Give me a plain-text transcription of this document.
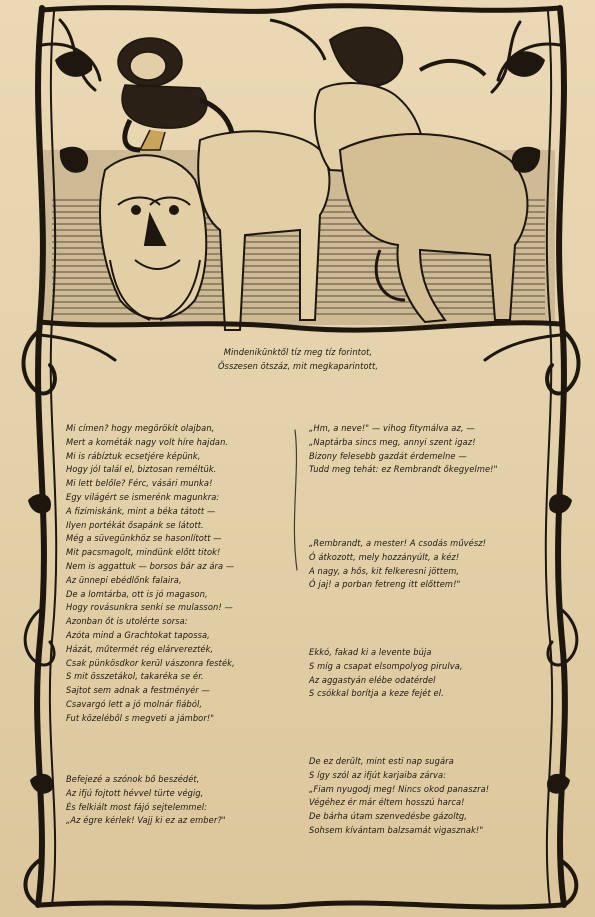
Mindenikünktől tíz meg tíz forintot,
Összesen ötszáz, mit megkaparintott,
Mi címen? hogy megörökít olajban,
Mert a kométák nagy volt híre hajdan.
Mi is rábíztuk ecsetjére képünk,
Hogy jól talál el, biztosan reméltük.
Mi lett belőle? Férc, vásári munka!
Egy világért se ismerénk magunkra:
A fizimiskánk, mint a béka tátott —
Ilyen portékát ősapánk se látott.
Még a süvegünkhöz se hasonlított —
Mit pacsmagolt, mindünk előtt titok!
Nem is aggattuk — borsos bár az ára —
Az ünnepi ebédlőnk falaira,
De a lomtárba, ott is jó magason,
Hogy rovásunkra senki se mulasson! —
Azonban őt is utolérte sorsa:
Azóta mind a Grachtokat tapossa,
Házát, műtermét rég elárverezték,
Csak pünkösdkor kerül vászonra festék,
S mit összetákol, takaréka se ér.
Sajtot sem adnak a festményér —
Csavargó lett a jó molnár fiából,
Fut közeléből s megveti a jámbor!"
Befejezé a szónok bő beszédét,
Az ifjú fojtott hévvel türte végig,
És felkiált most fájó sejtelemmel:
„Az égre kérlek! Vajj ki ez az ember?"
„Hm, a neve!" — vihog fitymálva az, —
„Naptárba sincs meg, annyi szent igaz!
Bizony felesebb gazdát érdemelne —
Tudd meg tehát: ez Rembrandt őkegyelme!"
„Rembrandt, a mester! A csodás művész!
Ó átkozott, mely hozzányúlt, a kéz!
A nagy, a hős, kit felkeresni jöttem,
Ó jaj! a porban fetreng itt előttem!"
Ekkó, fakad ki a levente búja
S míg a csapat elsompolyog pirulva,
Az aggastyán elébe odatérdel
S csókkal borítja a keze fejét el.
De ez derült, mint esti nap sugára
S így szól az ifjút karjaiba zárva:
„Fiam nyugodj meg! Nincs okod panaszra!
Végéhez ér már éltem hosszú harca!
De bárha útam szenvedésbe gázoltg,
Sohsem kívántam balzsamát vigasznak!"
